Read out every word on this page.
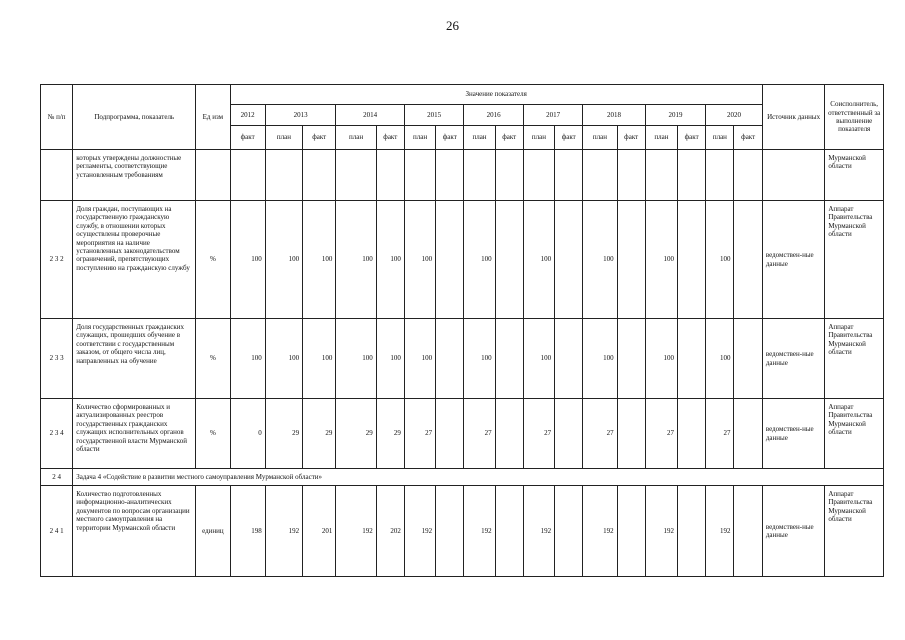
26
№ п/п	Подпрограмма, показатель	Ед изм	Значение показателя																	Источник данных	Соисполнитель, ответственный за выполнение показателя
			2012	2013		2014		2015		2016		2017		2018		2019		2020			
			факт	план	факт	план	факт	план	факт	план	факт	план	факт	план	факт	план	факт	план	факт		
	которых утверждены должностные регламенты, соответствующие установленным требованиям																				Мурманской области
2 3 2	Доля граждан, поступающих на государственную гражданскую службу, в отношении которых осуществлены проверочные мероприятия на наличие установленных законодательством ограничений, препятствующих поступлению на гражданскую службу	%	100	100	100	100	100	100		100		100		100		100		100		ведомствен-ные данные	Аппарат Правительства Мурманской области
2 3 3	Доля государственных гражданских служащих, прошедших обучение в соответствии с государственным заказом, от общего числа лиц, направленных на обучение	%	100	100	100	100	100	100		100		100		100		100		100		ведомствен-ные данные	Аппарат Правительства Мурманской области
2 3 4	Количество сформированных и актуализированных реестров государственных гражданских служащих исполнительных органов государственной власти Мурманской области	%	0	29	29	29	29	27		27		27		27		27		27		ведомствен-ные данные	Аппарат Правительства Мурманской области
2 4	Задача 4 «Содействие в развитии местного самоуправления Мурманской области»																				
2 4 1	Количество подготовленных информационно-аналитических документов по вопросам организации местного самоуправления на территории Мурманской области	единиц	198	192	201	192	202	192		192		192		192		192		192		ведомствен-ные данные	Аппарат Правительства Мурманской области
